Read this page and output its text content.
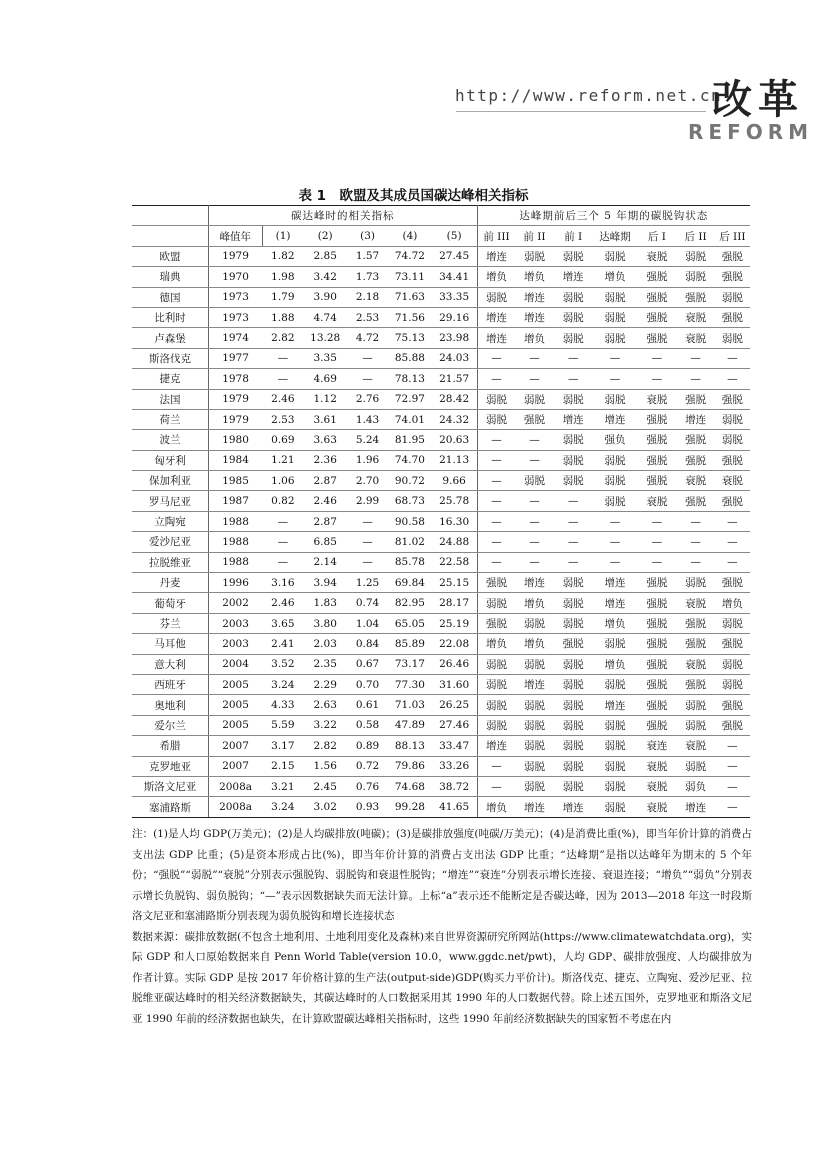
http://www.reform.net.cn
改革
REFORM
表 1　欧盟及其成员国碳达峰相关指标
	碳达峰时的相关指标						达峰期前后三个 5 年期的碳脱钩状态						
	峰值年	(1)	(2)	(3)	(4)	(5)	前 III	前 II	前 I	达峰期	后 I	后 II	后 III
欧盟	1979	1.82	2.85	1.57	74.72	27.45	增连	弱脱	弱脱	弱脱	衰脱	弱脱	强脱
瑞典	1970	1.98	3.42	1.73	73.11	34.41	增负	增负	增连	增负	强脱	弱脱	强脱
德国	1973	1.79	3.90	2.18	71.63	33.35	弱脱	增连	弱脱	弱脱	强脱	强脱	弱脱
比利时	1973	1.88	4.74	2.53	71.56	29.16	增连	增连	弱脱	弱脱	强脱	衰脱	强脱
卢森堡	1974	2.82	13.28	4.72	75.13	23.98	增连	增负	弱脱	弱脱	强脱	衰脱	弱脱
斯洛伐克	1977	—	3.35	—	85.88	24.03	—	—	—	—	—	—	—
捷克	1978	—	4.69	—	78.13	21.57	—	—	—	—	—	—	—
法国	1979	2.46	1.12	2.76	72.97	28.42	弱脱	弱脱	弱脱	弱脱	衰脱	强脱	强脱
荷兰	1979	2.53	3.61	1.43	74.01	24.32	弱脱	强脱	增连	增连	强脱	增连	弱脱
波兰	1980	0.69	3.63	5.24	81.95	20.63	—	—	弱脱	强负	强脱	强脱	弱脱
匈牙利	1984	1.21	2.36	1.96	74.70	21.13	—	—	弱脱	弱脱	强脱	强脱	强脱
保加利亚	1985	1.06	2.87	2.70	90.72	9.66	—	弱脱	弱脱	弱脱	强脱	衰脱	衰脱
罗马尼亚	1987	0.82	2.46	2.99	68.73	25.78	—	—	—	弱脱	衰脱	强脱	强脱
立陶宛	1988	—	2.87	—	90.58	16.30	—	—	—	—	—	—	—
爱沙尼亚	1988	—	6.85	—	81.02	24.88	—	—	—	—	—	—	—
拉脱维亚	1988	—	2.14	—	85.78	22.58	—	—	—	—	—	—	—
丹麦	1996	3.16	3.94	1.25	69.84	25.15	强脱	增连	弱脱	增连	强脱	弱脱	强脱
葡萄牙	2002	2.46	1.83	0.74	82.95	28.17	弱脱	增负	弱脱	增连	强脱	衰脱	增负
芬兰	2003	3.65	3.80	1.04	65.05	25.19	强脱	弱脱	弱脱	增负	强脱	强脱	弱脱
马耳他	2003	2.41	2.03	0.84	85.89	22.08	增负	增负	强脱	弱脱	强脱	强脱	强脱
意大利	2004	3.52	2.35	0.67	73.17	26.46	弱脱	弱脱	弱脱	增负	强脱	衰脱	弱脱
西班牙	2005	3.24	2.29	0.70	77.30	31.60	弱脱	增连	弱脱	弱脱	强脱	强脱	弱脱
奥地利	2005	4.33	2.63	0.61	71.03	26.25	弱脱	弱脱	弱脱	增连	强脱	弱脱	强脱
爱尔兰	2005	5.59	3.22	0.58	47.89	27.46	弱脱	弱脱	弱脱	弱脱	强脱	弱脱	强脱
希腊	2007	3.17	2.82	0.89	88.13	33.47	增连	弱脱	弱脱	弱脱	衰连	衰脱	—
克罗地亚	2007	2.15	1.56	0.72	79.86	33.26	—	弱脱	弱脱	弱脱	衰脱	弱脱	—
斯洛文尼亚	2008a	3.21	2.45	0.76	74.68	38.72	—	弱脱	弱脱	弱脱	衰脱	弱负	—
塞浦路斯	2008a	3.24	3.02	0.93	99.28	41.65	增负	增连	增连	弱脱	衰脱	增连	—

注：(1)是人均 GDP(万美元)；(2)是人均碳排放(吨碳)；(3)是碳排放强度(吨碳/万美元)；(4)是消费比重(%)，即当年价计算的消费占支出法 GDP 比重；(5)是资本形成占比(%)，即当年价计算的消费占支出法 GDP 比重；“达峰期”是指以达峰年为期末的 5 个年份；“强脱”“弱脱”“衰脱”分别表示强脱钩、弱脱钩和衰退性脱钩；“增连”“衰连”分别表示增长连接、衰退连接；“增负”“弱负”分别表示增长负脱钩、弱负脱钩；“—”表示因数据缺失而无法计算。上标“a”表示还不能断定是否碳达峰，因为 2013—2018 年这一时段斯洛文尼亚和塞浦路斯分别表现为弱负脱钩和增长连接状态

数据来源：碳排放数据(不包含土地利用、土地利用变化及森林)来自世界资源研究所网站(https://www.climatewatchdata.org)，实际 GDP 和人口原始数据来自 Penn World Table(version 10.0，www.ggdc.net/pwt)，人均 GDP、碳排放强度、人均碳排放为作者计算。实际 GDP 是按 2017 年价格计算的生产法(output-side)GDP(购买力平价计)。斯洛伐克、捷克、立陶宛、爱沙尼亚、拉脱维亚碳达峰时的相关经济数据缺失，其碳达峰时的人口数据采用其 1990 年的人口数据代替。除上述五国外，克罗地亚和斯洛文尼亚 1990 年前的经济数据也缺失，在计算欧盟碳达峰相关指标时，这些 1990 年前经济数据缺失的国家暂不考虑在内
